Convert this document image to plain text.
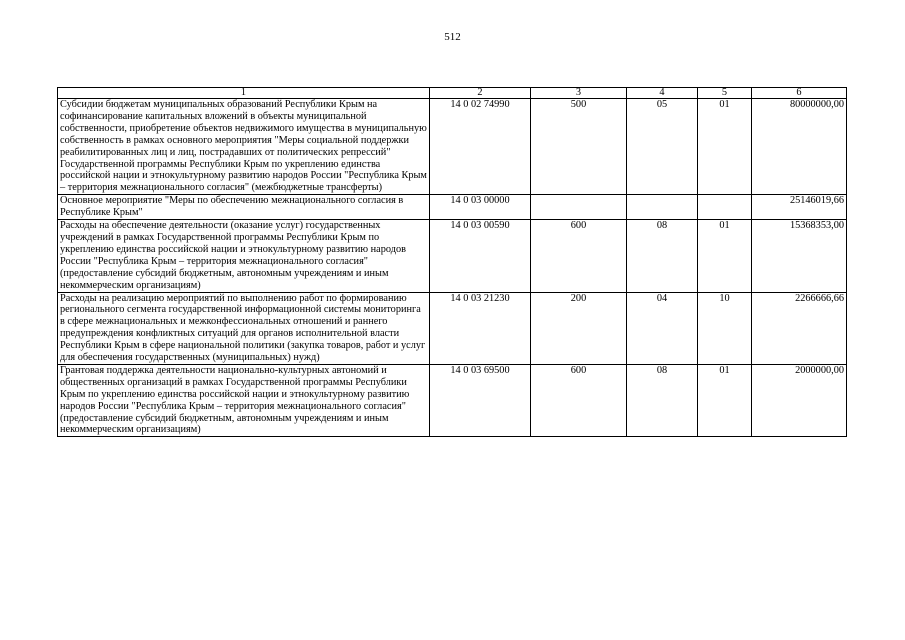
512
1	2	3	4	5	6
Субсидии бюджетам муниципальных образований Республики Крым на софинансирование капитальных вложений в объекты муниципальной собственности, приобретение объектов недвижимого имущества в муниципальную собственность в рамках основного мероприятия "Меры социальной поддержки реабилитированных лиц и лиц, пострадавших от политических репрессий" Государственной программы Республики Крым по укреплению единства российской нации и этнокультурному развитию народов России "Республика Крым – территория межнационального согласия" (межбюджетные трансферты)	14 0 02 74990	500	05	01	80000000,00
Основное мероприятие "Меры по обеспечению межнационального согласия в Республике Крым"	14 0 03 00000				25146019,66
Расходы на обеспечение деятельности (оказание услуг) государственных учреждений в рамках Государственной программы Республики Крым по укреплению единства российской нации и этнокультурному развитию народов России "Республика Крым – территория межнационального согласия" (предоставление субсидий бюджетным, автономным учреждениям и иным некоммерческим организациям)	14 0 03 00590	600	08	01	15368353,00
Расходы на реализацию мероприятий по выполнению работ по формированию регионального сегмента государственной информационной системы мониторинга в сфере межнациональных и межконфессиональных отношений и раннего предупреждения конфликтных ситуаций для органов исполнительной власти Республики Крым в сфере национальной политики (закупка товаров, работ и услуг для обеспечения государственных (муниципальных) нужд)	14 0 03 21230	200	04	10	2266666,66
Грантовая поддержка деятельности национально-культурных автономий и общественных организаций в рамках Государственной программы Республики Крым по укреплению единства российской нации и этнокультурному развитию народов России "Республика Крым – территория межнационального согласия" (предоставление субсидий бюджетным, автономным учреждениям и иным некоммерческим организациям)	14 0 03 69500	600	08	01	2000000,00
